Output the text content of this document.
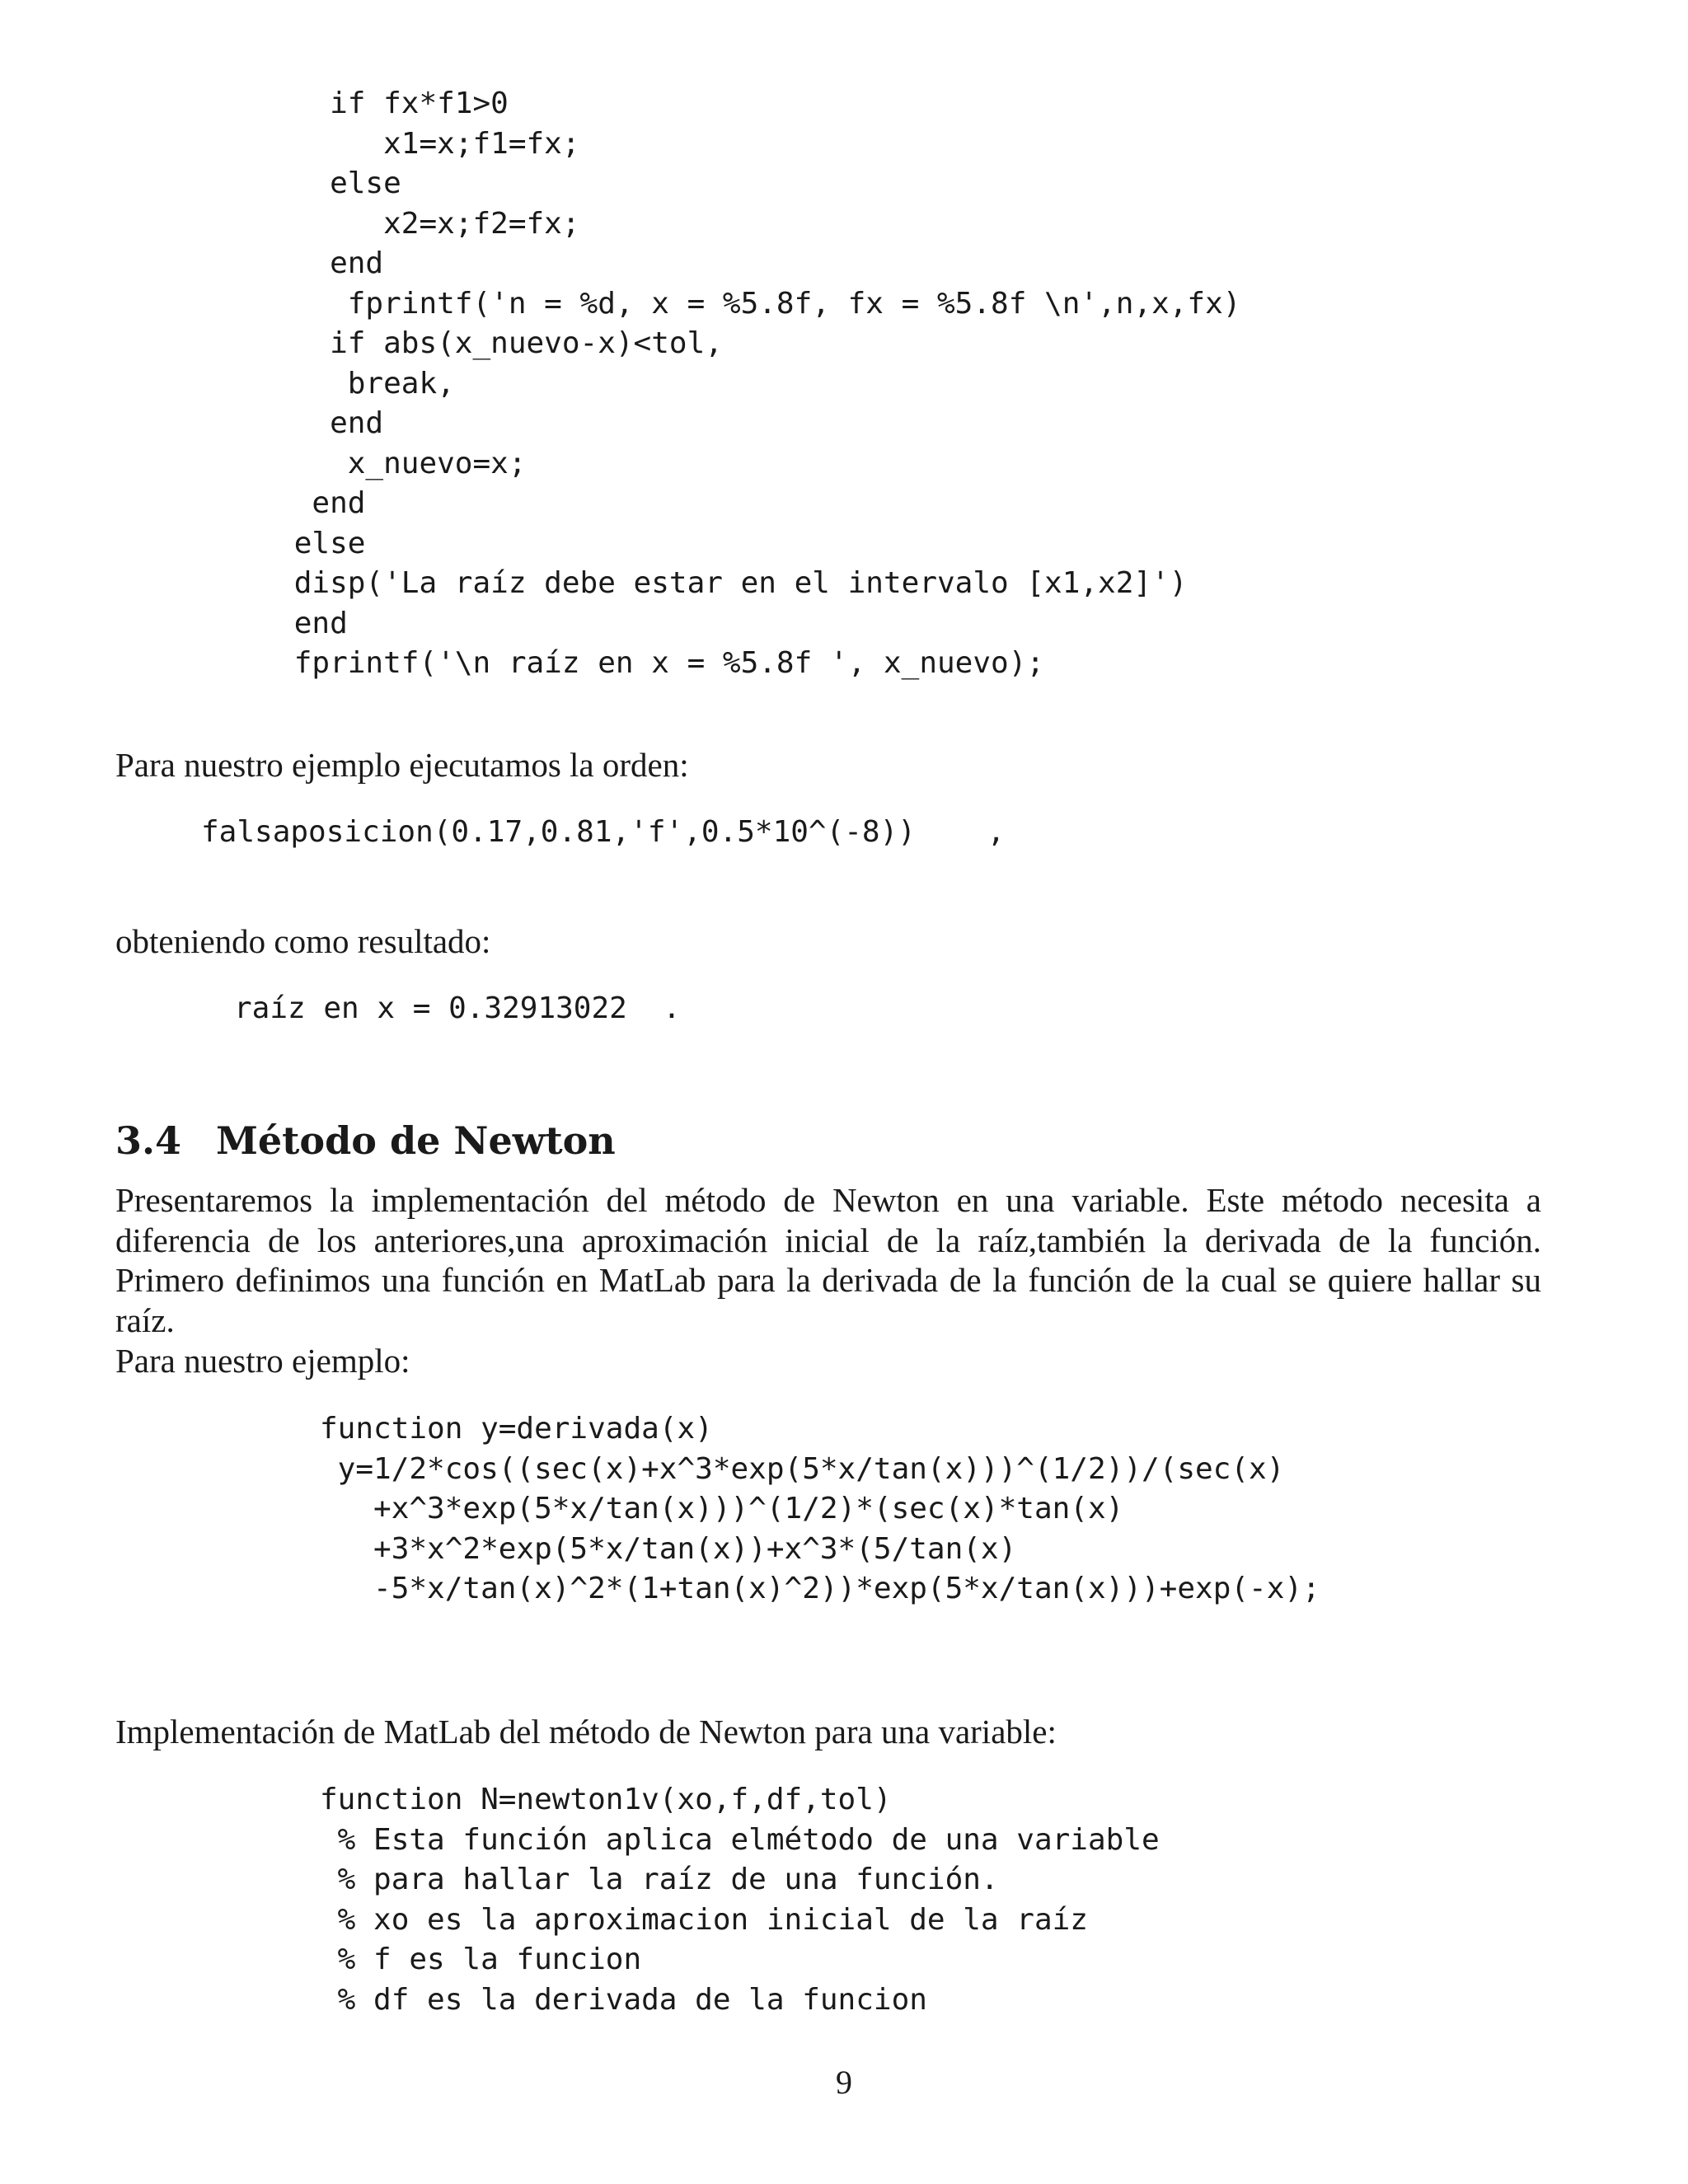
if fx*f1>0
x1=x;f1=fx;
else
x2=x;f2=fx;
end
fprintf('n = %d, x = %5.8f, fx = %5.8f \n',n,x,fx)
if abs(x_nuevo-x)<tol,
break,
end
x_nuevo=x;
end
else
disp('La raíz debe estar en el intervalo [x1,x2]')
end
fprintf('\n raíz en x = %5.8f ', x_nuevo);
Para nuestro ejemplo ejecutamos la orden:
falsaposicion(0.17,0.81,'f',0.5*10^(-8))    ,
obteniendo como resultado:
raíz en x = 0.32913022  .
3.4 Método de Newton
Presentaremos la implementación del método de Newton en una variable. Este método necesita a diferencia de los anteriores,una aproximación inicial de la raíz,también la derivada de la función. Primero definimos una función en MatLab para la derivada de la función de la cual se quiere hallar su raíz.
Para nuestro ejemplo:
function y=derivada(x)
y=1/2*cos((sec(x)+x^3*exp(5*x/tan(x)))^(1/2))/(sec(x)
+x^3*exp(5*x/tan(x)))^(1/2)*(sec(x)*tan(x)
+3*x^2*exp(5*x/tan(x))+x^3*(5/tan(x)
-5*x/tan(x)^2*(1+tan(x)^2))*exp(5*x/tan(x)))+exp(-x);
Implementación de MatLab del método de Newton para una variable:
function N=newton1v(xo,f,df,tol)
% Esta función aplica elmétodo de una variable
% para hallar la raíz de una función.
% xo es la aproximacion inicial de la raíz
% f es la funcion
% df es la derivada de la funcion
9
